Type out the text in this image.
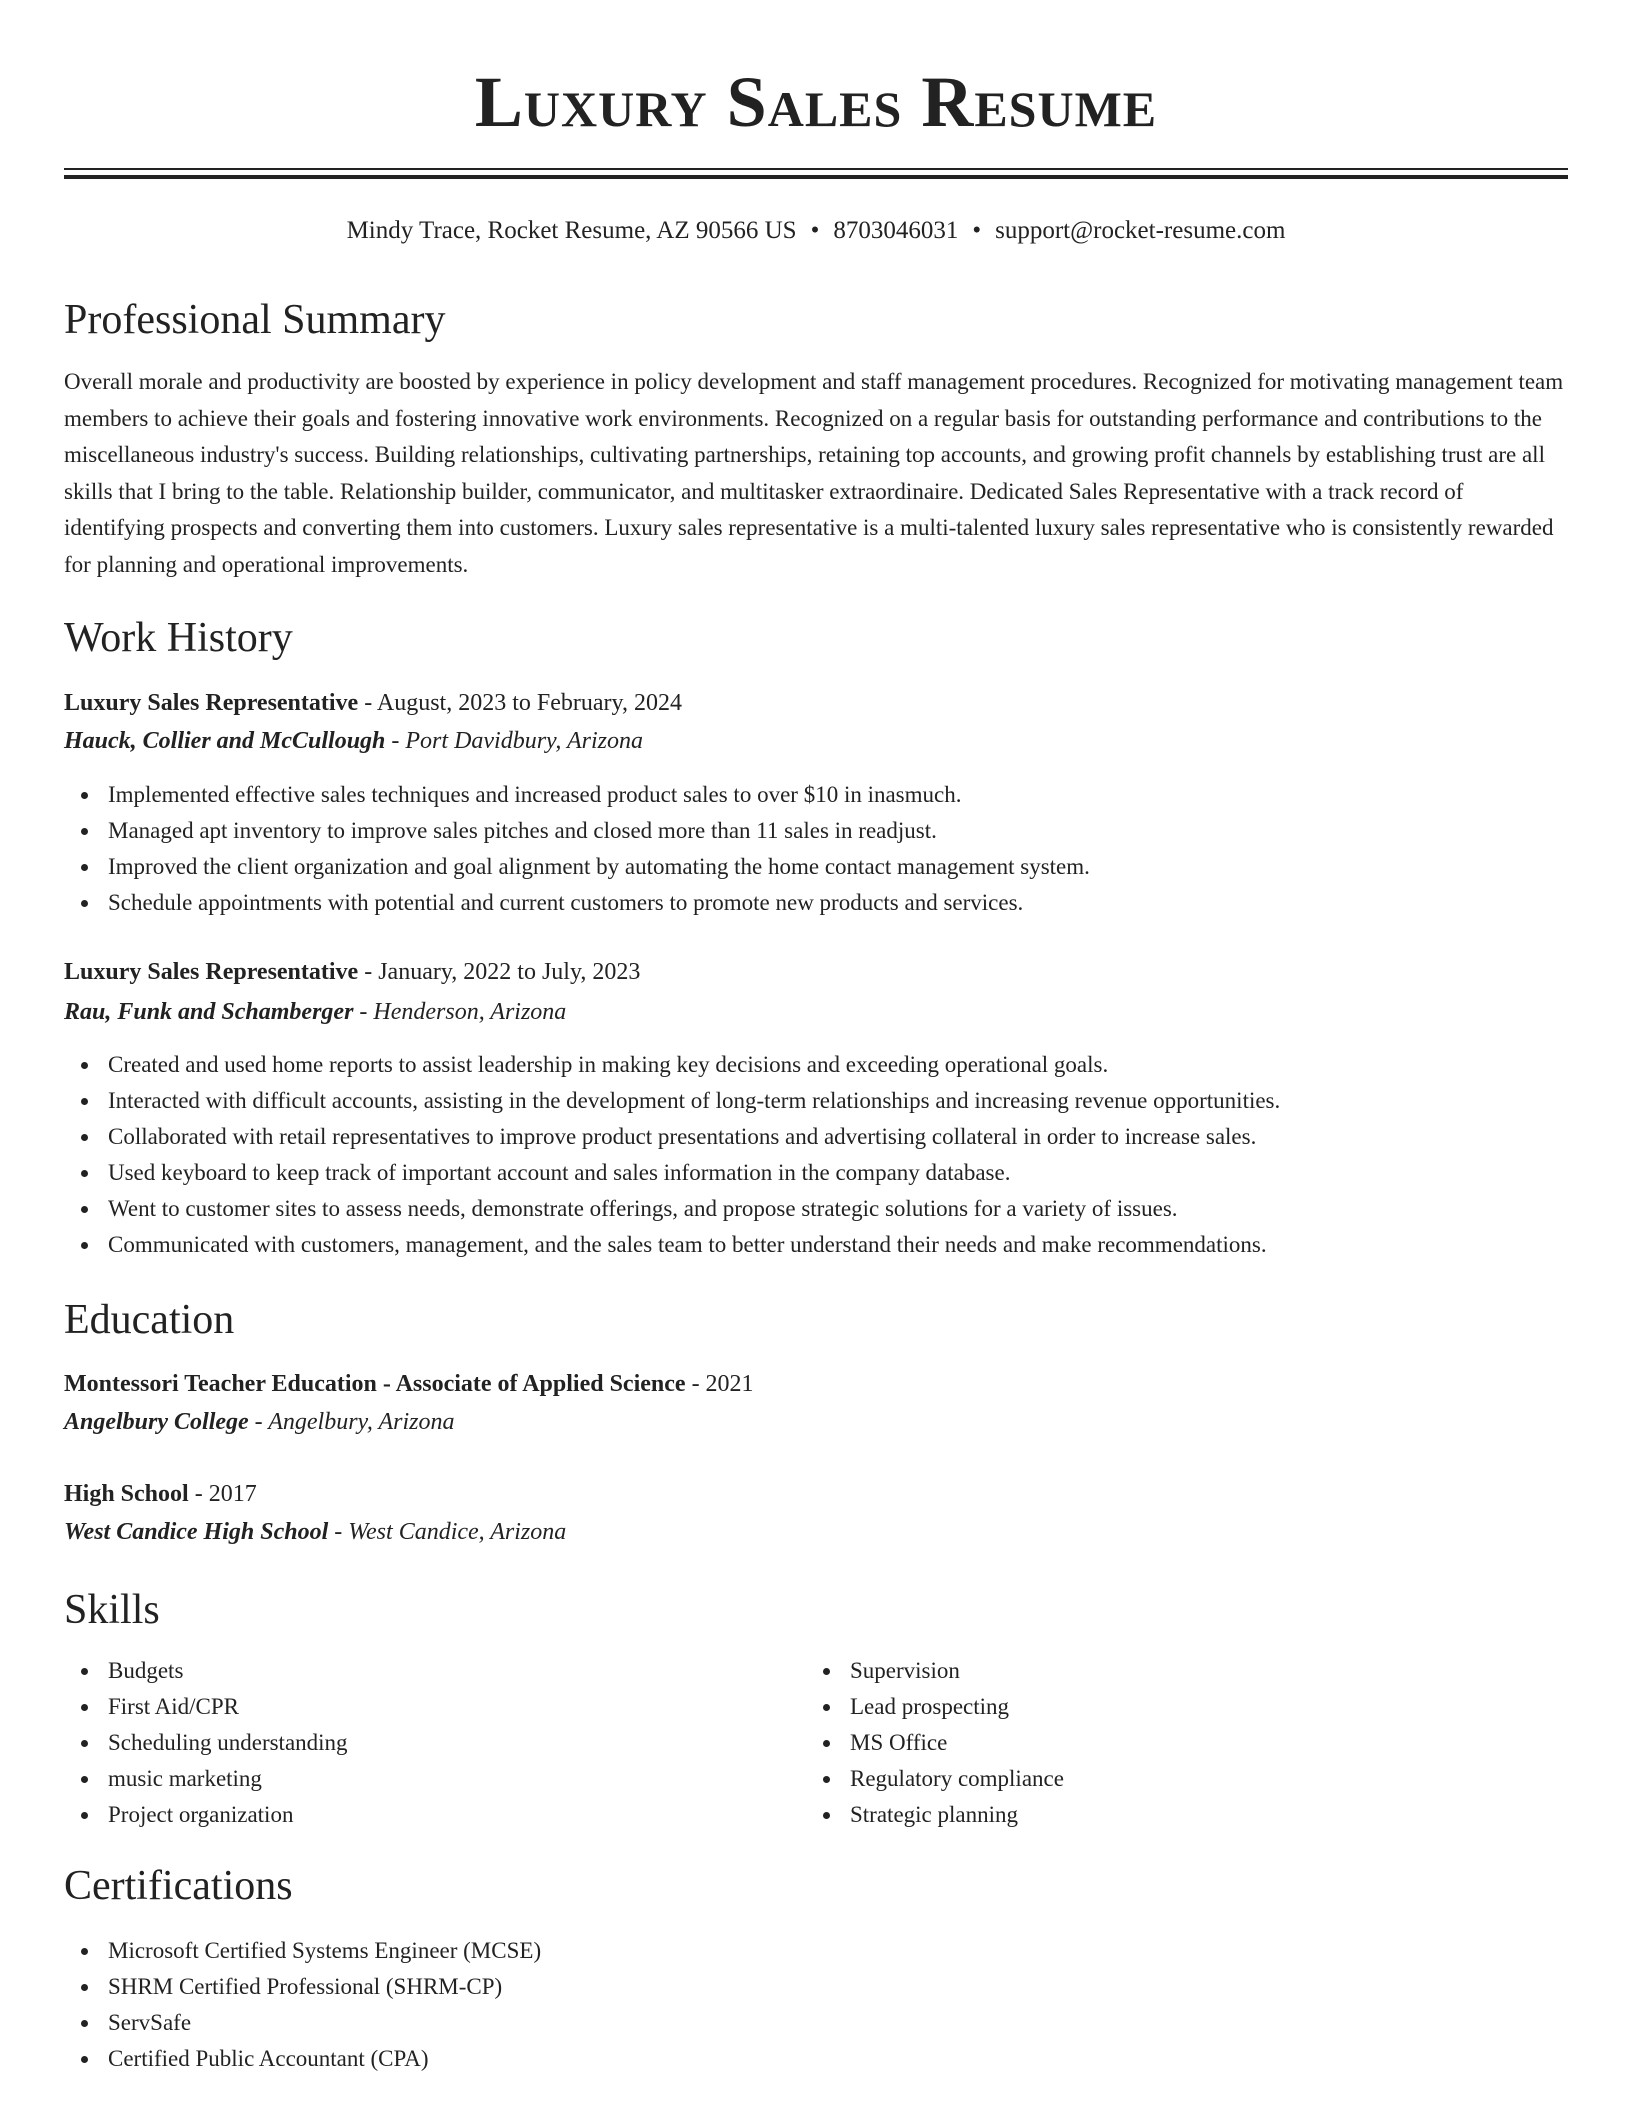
Luxury Sales Resume
Mindy Trace, Rocket Resume, AZ 90566 US • 8703046031 • support@rocket-resume.com
Professional Summary

Overall morale and productivity are boosted by experience in policy development and staff management procedures. Recognized for motivating management team members to achieve their goals and fostering innovative work environments. Recognized on a regular basis for outstanding performance and contributions to the miscellaneous industry's success. Building relationships, cultivating partnerships, retaining top accounts, and growing profit channels by establishing trust are all skills that I bring to the table. Relationship builder, communicator, and multitasker extraordinaire. Dedicated Sales Representative with a track record of identifying prospects and converting them into customers. Luxury sales representative is a multi-talented luxury sales representative who is consistently rewarded for planning and operational improvements.

Work History
Luxury Sales Representative - August, 2023 to February, 2024
Hauck, Collier and McCullough - Port Davidbury, Arizona
Implemented effective sales techniques and increased product sales to over $10 in inasmuch.
Managed apt inventory to improve sales pitches and closed more than 11 sales in readjust.
Improved the client organization and goal alignment by automating the home contact management system.
Schedule appointments with potential and current customers to promote new products and services.
Luxury Sales Representative - January, 2022 to July, 2023
Rau, Funk and Schamberger - Henderson, Arizona
Created and used home reports to assist leadership in making key decisions and exceeding operational goals.
Interacted with difficult accounts, assisting in the development of long-term relationships and increasing revenue opportunities.
Collaborated with retail representatives to improve product presentations and advertising collateral in order to increase sales.
Used keyboard to keep track of important account and sales information in the company database.
Went to customer sites to assess needs, demonstrate offerings, and propose strategic solutions for a variety of issues.
Communicated with customers, management, and the sales team to better understand their needs and make recommendations.
Education
Montessori Teacher Education - Associate of Applied Science - 2021
Angelbury College - Angelbury, Arizona
High School - 2017
West Candice High School - West Candice, Arizona
Skills
Budgets
First Aid/CPR
Scheduling understanding
music marketing
Project organization
Supervision
Lead prospecting
MS Office
Regulatory compliance
Strategic planning
Certifications
Microsoft Certified Systems Engineer (MCSE)
SHRM Certified Professional (SHRM-CP)
ServSafe
Certified Public Accountant (CPA)
